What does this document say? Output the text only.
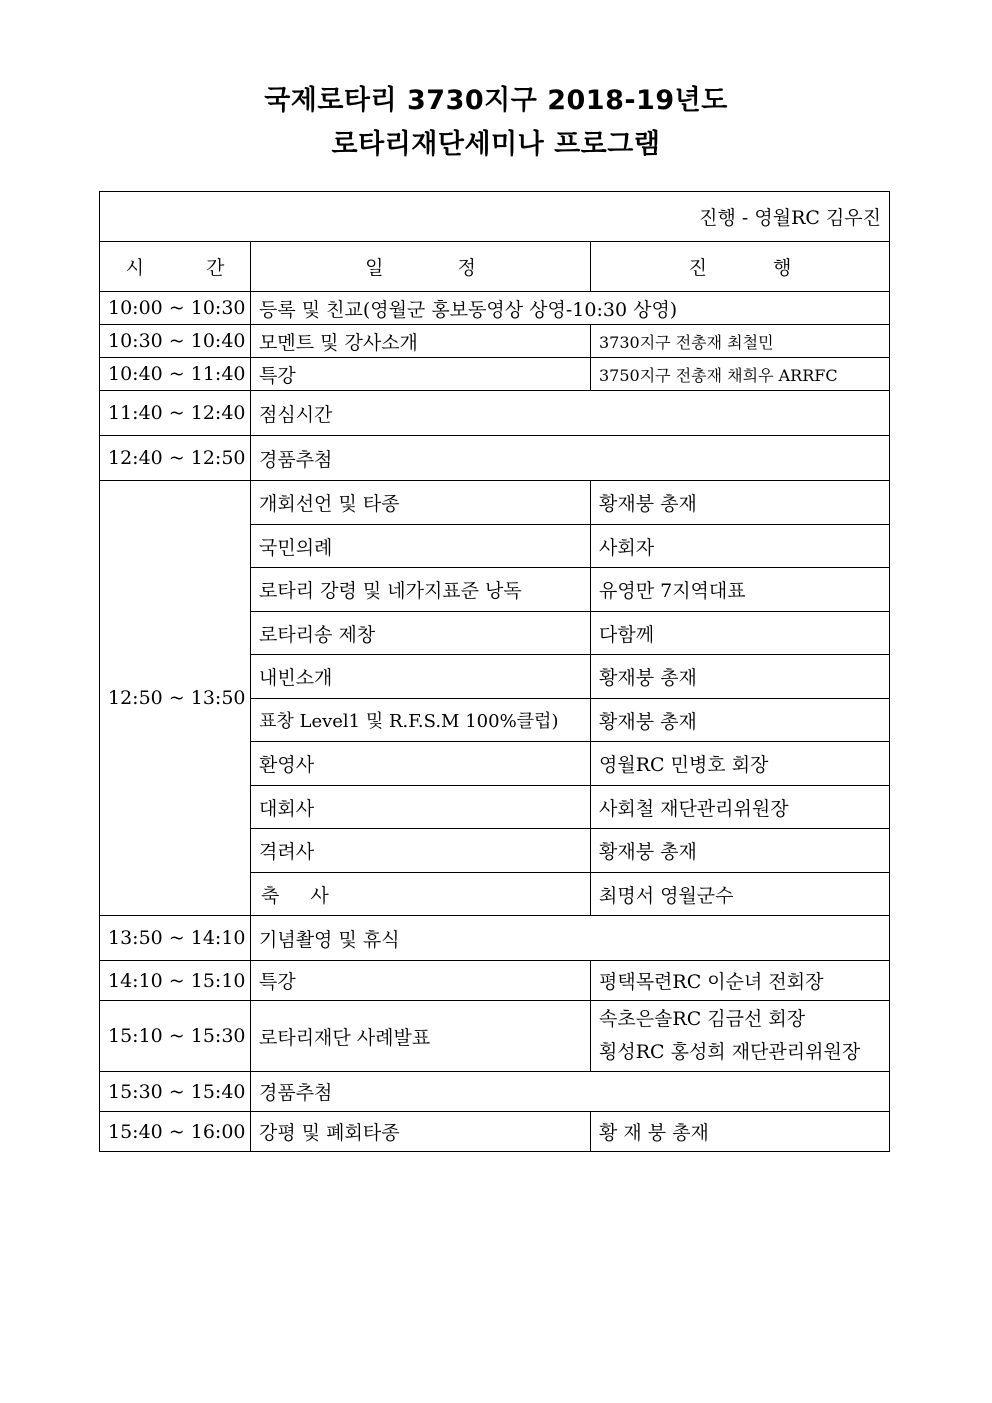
국제로타리 3730지구 2018-19년도
로타리재단세미나 프로그램
진행 - 영월RC 김우진		
시 간	일 정	진 행
10:00 ~ 10:30	등록 및 친교(영월군 홍보동영상 상영-10:30 상영)	
10:30 ~ 10:40	모멘트 및 강사소개	3730지구 전총재 최철민
10:40 ~ 11:40	특강	3750지구 전총재 채희우 ARRFC
11:40 ~ 12:40	점심시간	
12:40 ~ 12:50	경품추첨	
12:50 ~ 13:50	개회선언 및 타종	황재붕 총재
	국민의례	사회자
	로타리 강령 및 네가지표준 낭독	유영만 7지역대표
	로타리송 제창	다함께
	내빈소개	황재붕 총재
	표창 Level1 및 R.F.S.M 100%클럽)	황재붕 총재
	환영사	영월RC 민병호 회장
	대회사	사회철 재단관리위원장
	격려사	황재붕 총재
	축　사	최명서 영월군수
13:50 ~ 14:10	기념촬영 및 휴식	
14:10 ~ 15:10	특강	평택목련RC 이순녀 전회장
15:10 ~ 15:30	로타리재단 사례발표	속초은솔RC 김금선 회장
횡성RC 홍성희 재단관리위원장

15:30 ~ 15:40	경품추첨	
15:40 ~ 16:00	강평 및 폐회타종	황 재 붕 총재
